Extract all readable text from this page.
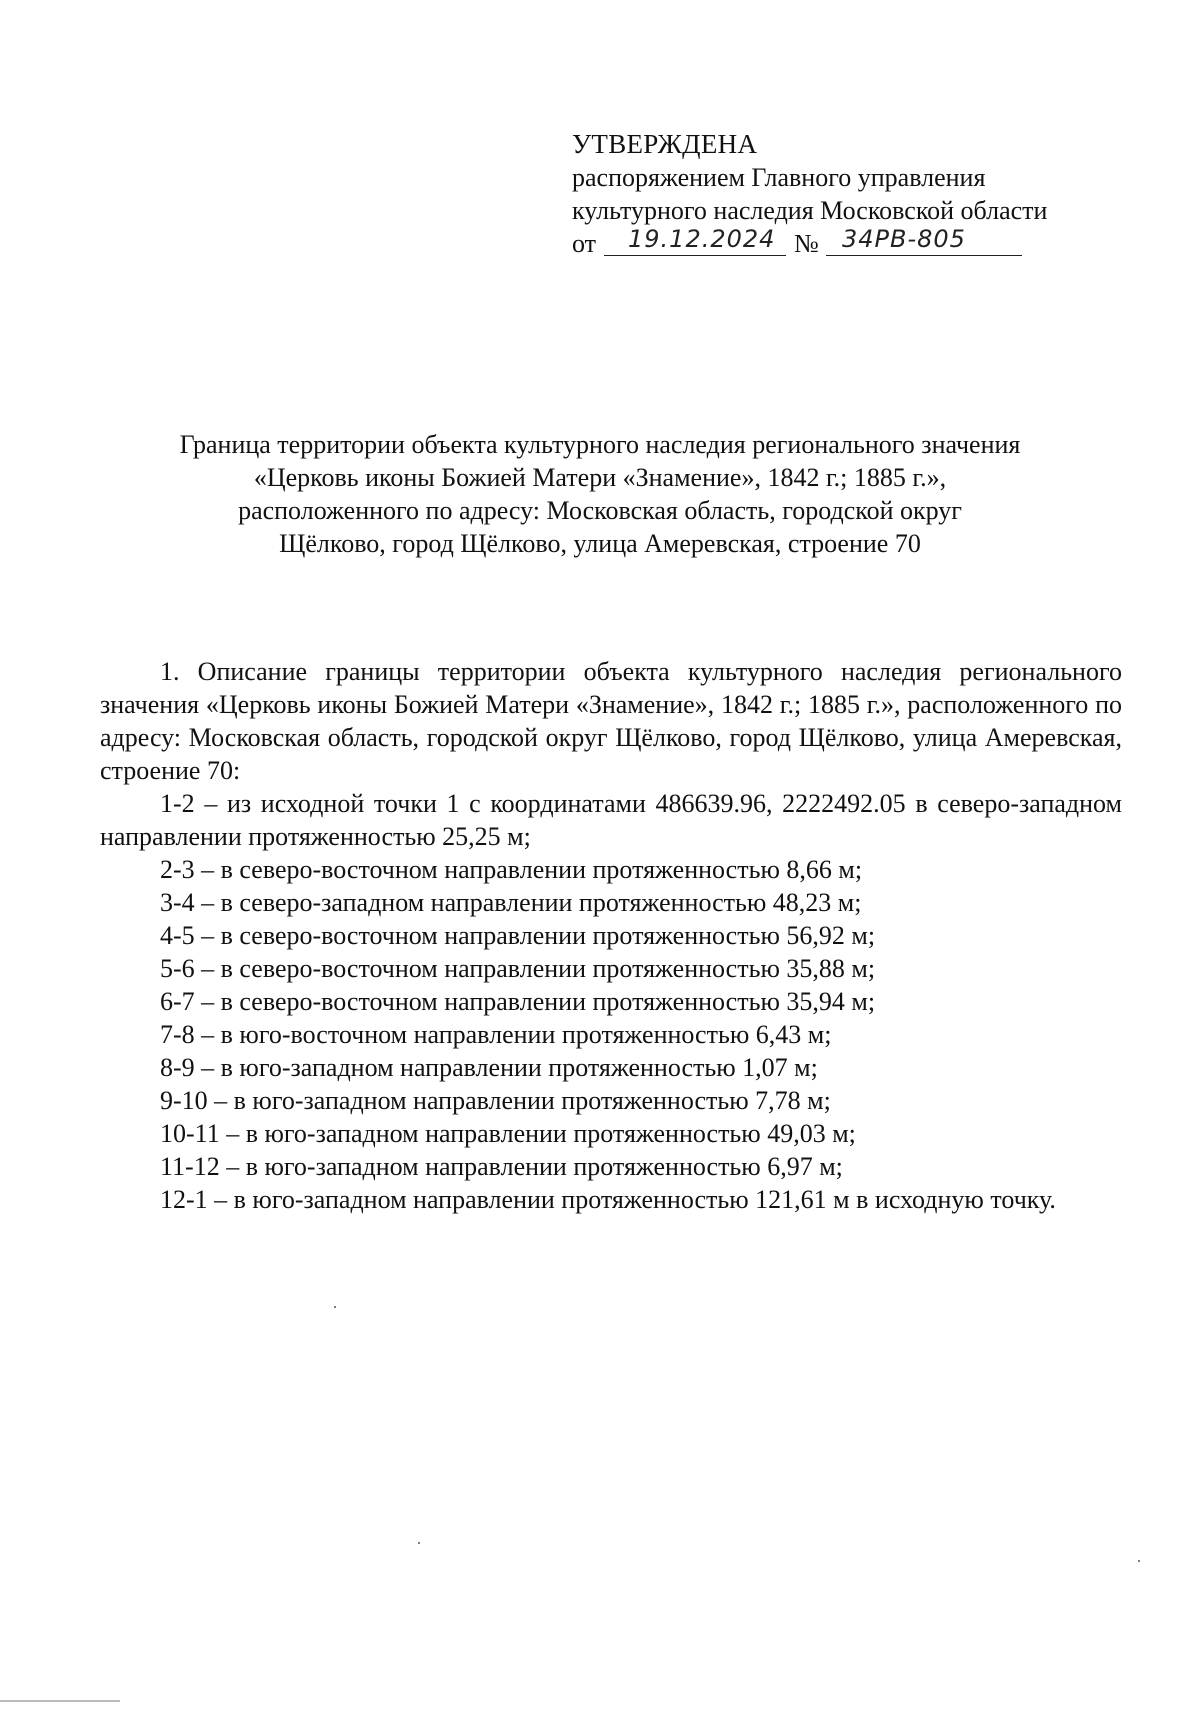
УТВЕРЖДЕНА
распоряжением Главного управления
культурного наследия Московской области
от 19.12.2024 № 34РВ-805
Граница территории объекта культурного наследия регионального значения
«Церковь иконы Божией Матери «Знамение», 1842 г.; 1885 г.»,
расположенного по адресу: Московская область, городской округ
Щёлково, город Щёлково, улица Амеревская, строение 70

1. Описание границы территории объекта культурного наследия регионального значения «Церковь иконы Божией Матери «Знамение», 1842 г.; 1885 г.», расположенного по адресу: Московская область, городской округ Щёлково, город Щёлково, улица Амеревская, строение 70:

1-2 – из исходной точки 1 с координатами 486639.96, 2222492.05 в северо-западном направлении протяженностью 25,25 м;
2-3 – в северо-восточном направлении протяженностью 8,66 м;
3-4 – в северо-западном направлении протяженностью 48,23 м;
4-5 – в северо-восточном направлении протяженностью 56,92 м;
5-6 – в северо-восточном направлении протяженностью 35,88 м;
6-7 – в северо-восточном направлении протяженностью 35,94 м;
7-8 – в юго-восточном направлении протяженностью 6,43 м;
8-9 – в юго-западном направлении протяженностью 1,07 м;
9-10 – в юго-западном направлении протяженностью 7,78 м;
10-11 – в юго-западном направлении протяженностью 49,03 м;
11-12 – в юго-западном направлении протяженностью 6,97 м;
12-1 – в юго-западном направлении протяженностью 121,61 м в исходную точку.
